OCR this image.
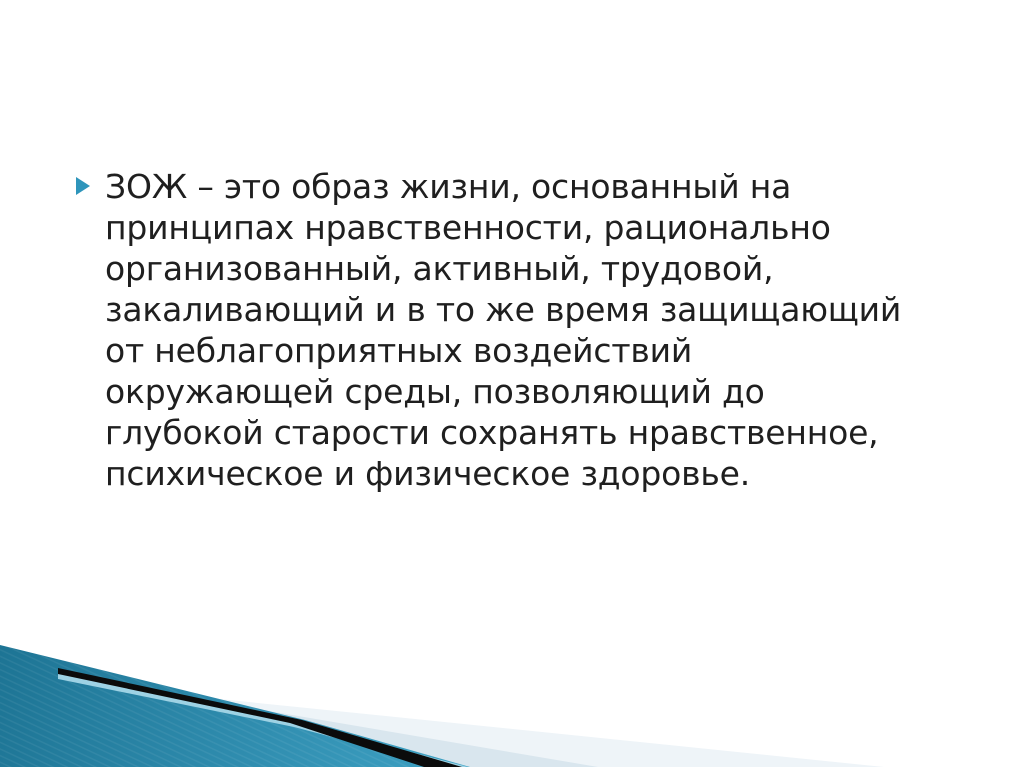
ЗОЖ – это образ жизни, основанный на принципах нравственности, рационально организованный, активный, трудовой, закаливающий и в то же время защищающий от неблагоприятных воздействий окружающей среды, позволяющий до глубокой старости сохранять нравственное, психическое и физическое здоровье.
